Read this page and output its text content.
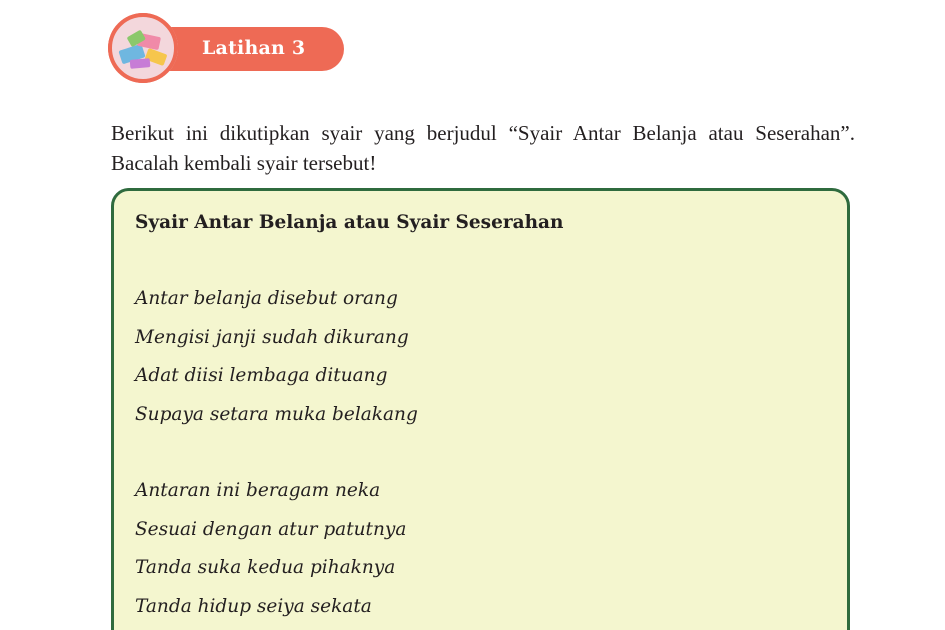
Latihan 3

Berikut ini dikutipkan syair yang berjudul “Syair Antar Belanja atau Seserahan”. Bacalah kembali syair tersebut!

Syair Antar Belanja atau Syair Seserahan
Antar belanja disebut orang
Mengisi janji sudah dikurang
Adat diisi lembaga dituang
Supaya setara muka belakang
Antaran ini beragam neka
Sesuai dengan atur patutnya
Tanda suka kedua pihaknya
Tanda hidup seiya sekata
